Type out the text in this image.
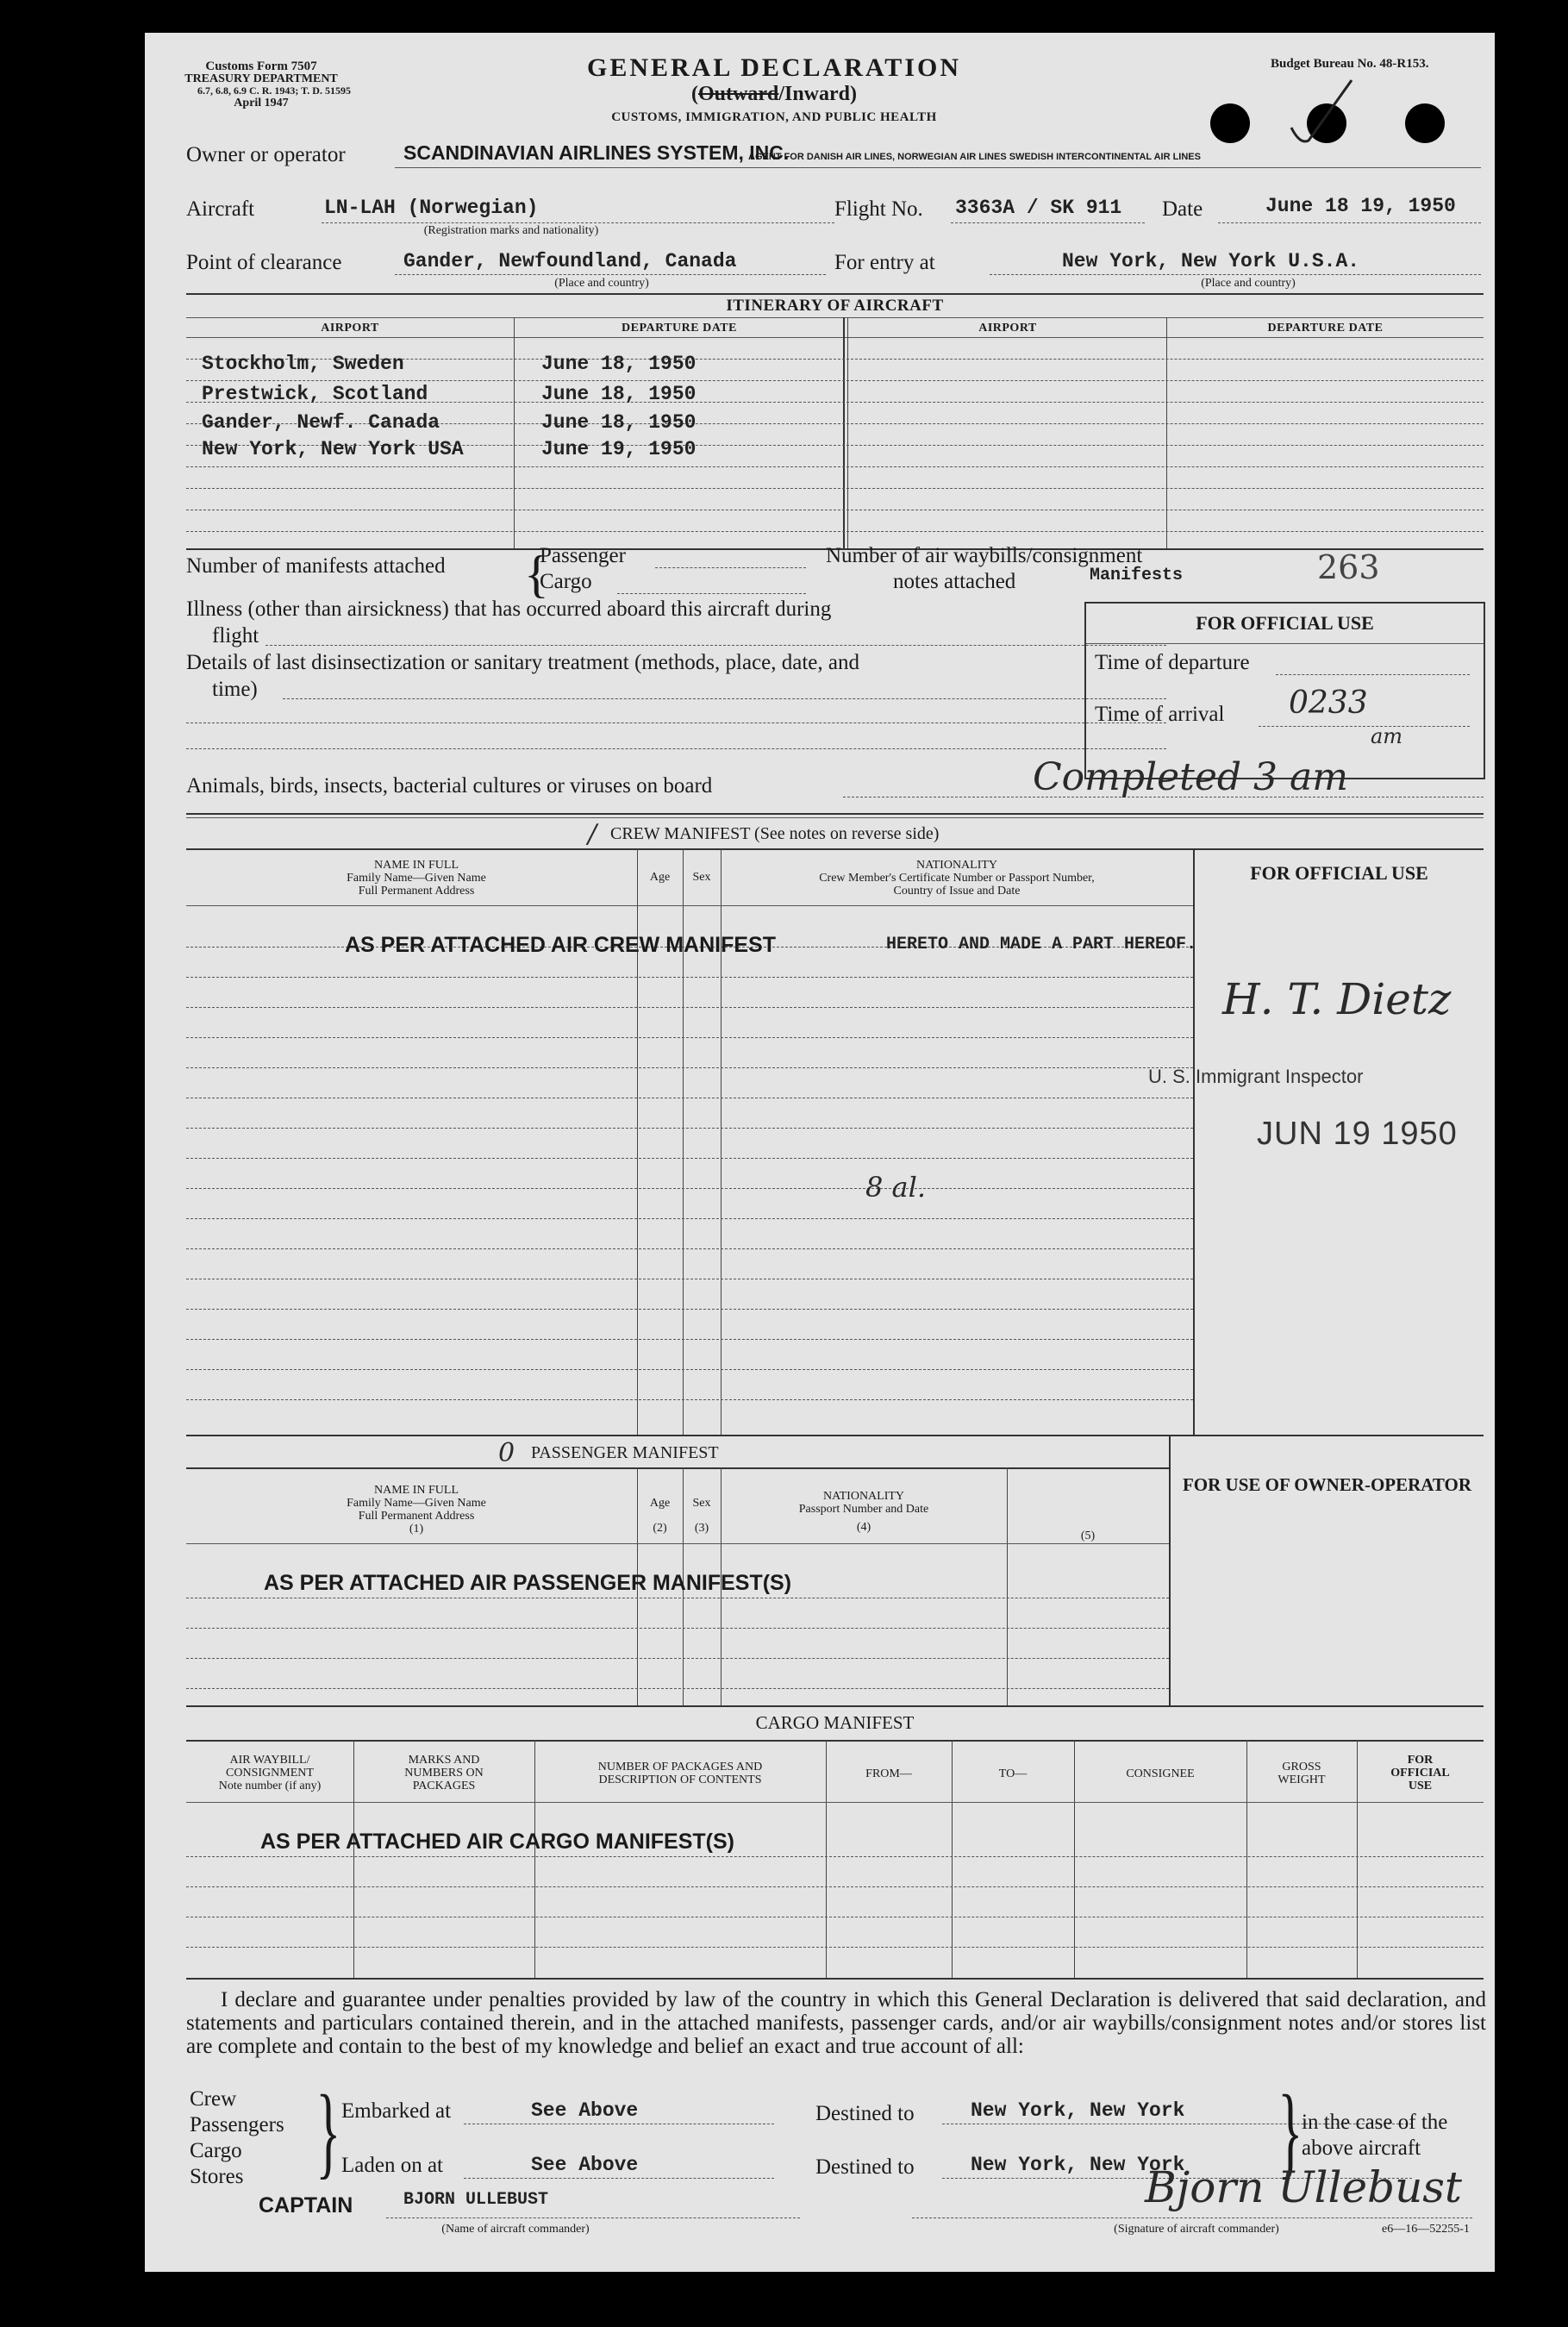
Customs Form 7507
TREASURY DEPARTMENT
6.7, 6.8, 6.9 C. R. 1943; T. D. 51595
April 1947
GENERAL DECLARATION
(Outward/Inward)
CUSTOMS, IMMIGRATION, AND PUBLIC HEALTH
Budget Bureau No. 48-R153.
Owner or operator	SCANDINAVIAN AIRLINES SYSTEM, INC.
AGENT FOR DANISH AIR LINES, NORWEGIAN AIR LINES SWEDISH INTERCONTINENTAL AIR LINES
Aircraft	LN-LAH (Norwegian)
(Registration marks and nationality)
Flight No. 3363A / SK 911 Date	June 18 19, 1950
Point of clearance	Gander, Newfoundland, Canada
(Place and country)
For entry at	New York, New York U.S.A.
(Place and country)
ITINERARY OF AIRCRAFT
AIRPORT	DEPARTURE DATE	AIRPORT	DEPARTURE DATE
Stockholm, Sweden	June 18, 1950
Prestwick, Scotland	June 18, 1950
Gander, Newf. Canada	June 18, 1950
New York, New York USA	June 19, 1950
Number of manifests attached {
Passenger
Cargo
Number of air waybills/consignment
notes attached	Manifests	263
Illness (other than airsickness) that has occurred aboard this aircraft during
flight
Details of last disinsectization or sanitary treatment (methods, place, date, and
time)
Animals, birds, insects, bacterial cultures or viruses on board
FOR OFFICIAL USE
Time of departure
Time of arrival 0233
am
Completed 3 am
/ CREW MANIFEST (See notes on reverse side)
NAME IN FULL
Family Name—Given Name
Full Permanent Address
Age	Sex
NATIONALITY
Crew Member's Certificate Number or Passport Number,
Country of Issue and Date
FOR OFFICIAL USE
AS PER ATTACHED AIR CREW MANIFEST	HERETO AND MADE A PART HEREOF.
H. T. Dietz
U. S. Immigrant Inspector
JUN 19 1950
8 al.
0 PASSENGER MANIFEST
NAME IN FULL
Family Name—Given Name
Full Permanent Address
(1)
Age
(2)
Sex
(3)
NATIONALITY
Passport Number and Date
(4)
(5)
FOR USE OF OWNER-OPERATOR
AS PER ATTACHED AIR PASSENGER MANIFEST(S)
CARGO MANIFEST
AIR WAYBILL/
CONSIGNMENT
Note number (if any)
MARKS AND
NUMBERS ON
PACKAGES
NUMBER OF PACKAGES AND
DESCRIPTION OF CONTENTS	FROM—	TO—	CONSIGNEE
GROSS
WEIGHT
FOR
OFFICIAL
USE
AS PER ATTACHED AIR CARGO MANIFEST(S)
I declare and guarantee under penalties provided by law of the country in which this General Declaration is delivered that said declaration, and statements and particulars contained therein, and in the attached manifests, passenger cards, and/or air waybills/consignment notes and/or stores list are complete and contain to the best of my knowledge and belief an exact and true account of all:
Crew
Passengers
Cargo
Stores } Embarked at	See Above
Laden on at	See Above
Destined to	New York, New York
Destined to	New York, New York }
in the case of the
above aircraft
CAPTAIN	BJORN ULLEBUST
(Name of aircraft commander)
Bjorn Ullebust
(Signature of aircraft commander)	e6—16—52255-1
